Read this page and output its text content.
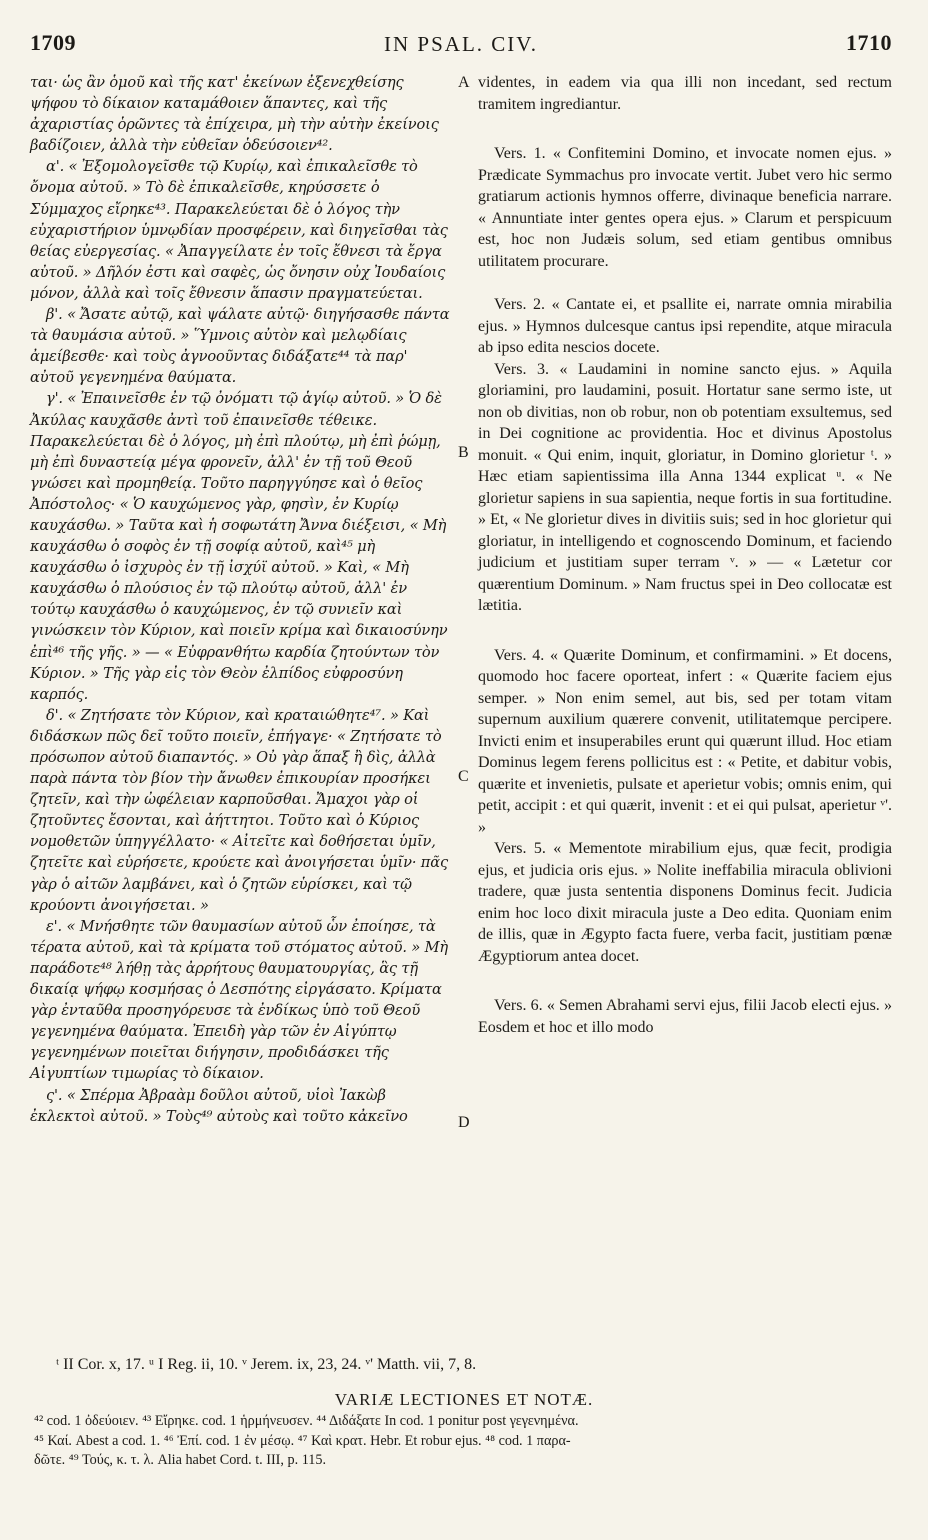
1709	IN PSAL. CIV.	1710

ται· ὡς ἂν ὁμοῦ καὶ τῆς κατ' ἐκείνων ἐξενεχθείσης ψήφου τὸ δίκαιον καταμάθοιεν ἅπαντες, καὶ τῆς ἀχαριστίας ὁρῶντες τὰ ἐπίχειρα, μὴ τὴν αὐτὴν ἐκείνοις βαδίζοιεν, ἀλλὰ τὴν εὐθεῖαν ὁδεύσοιεν⁴².

α'. « Ἐξομολογεῖσθε τῷ Κυρίῳ, καὶ ἐπικαλεῖσθε τὸ ὄνομα αὐτοῦ. » Τὸ δὲ ἐπικαλεῖσθε, κηρύσσετε ὁ Σύμμαχος εἴρηκε⁴³. Παρακελεύεται δὲ ὁ λόγος τὴν εὐχαριστήριον ὑμνῳδίαν προσφέρειν, καὶ διηγεῖσθαι τὰς θείας εὐεργεσίας. « Ἀπαγγείλατε ἐν τοῖς ἔθνεσι τὰ ἔργα αὐτοῦ. » Δῆλόν ἐστι καὶ σαφὲς, ὡς ὄνησιν οὐχ Ἰουδαίοις μόνον, ἀλλὰ καὶ τοῖς ἔθνεσιν ἅπασιν πραγματεύεται.

β'. « Ἄσατε αὐτῷ, καὶ ψάλατε αὐτῷ· διηγήσασθε πάντα τὰ θαυμάσια αὐτοῦ. » Ὕμνοις αὐτὸν καὶ μελῳδίαις ἀμείβεσθε· καὶ τοὺς ἀγνοοῦντας διδάξατε⁴⁴ τὰ παρ' αὐτοῦ γεγενημένα θαύματα.

γ'. « Ἐπαινεῖσθε ἐν τῷ ὀνόματι τῷ ἁγίῳ αὐτοῦ. » Ὁ δὲ Ἀκύλας καυχᾶσθε ἀντὶ τοῦ ἐπαινεῖσθε τέθεικε. Παρακελεύεται δὲ ὁ λόγος, μὴ ἐπὶ πλούτῳ, μὴ ἐπὶ ῥώμῃ, μὴ ἐπὶ δυναστείᾳ μέγα φρονεῖν, ἀλλ' ἐν τῇ τοῦ Θεοῦ γνώσει καὶ προμηθείᾳ. Τοῦτο παρηγγύησε καὶ ὁ θεῖος Ἀπόστολος· « Ὁ καυχώμενος γὰρ, φησὶν, ἐν Κυρίῳ καυχάσθω. » Ταῦτα καὶ ἡ σοφωτάτη Ἄννα διέξεισι, « Μὴ καυχάσθω ὁ σοφὸς ἐν τῇ σοφίᾳ αὐτοῦ, καὶ⁴⁵ μὴ καυχάσθω ὁ ἰσχυρὸς ἐν τῇ ἰσχύϊ αὐτοῦ. » Καὶ, « Μὴ καυχάσθω ὁ πλούσιος ἐν τῷ πλούτῳ αὐτοῦ, ἀλλ' ἐν τούτῳ καυχάσθω ὁ καυχώμενος, ἐν τῷ συνιεῖν καὶ γινώσκειν τὸν Κύριον, καὶ ποιεῖν κρίμα καὶ δικαιοσύνην ἐπὶ⁴⁶ τῆς γῆς. » — « Εὐφρανθήτω καρδία ζητούντων τὸν Κύριον. » Τῆς γὰρ εἰς τὸν Θεὸν ἐλπίδος εὐφροσύνη καρπός.

δ'. « Ζητήσατε τὸν Κύριον, καὶ κραταιώθητε⁴⁷. » Καὶ διδάσκων πῶς δεῖ τοῦτο ποιεῖν, ἐπήγαγε· « Ζητήσατε τὸ πρόσωπον αὐτοῦ διαπαντός. » Οὐ γὰρ ἅπαξ ἢ δὶς, ἀλλὰ παρὰ πάντα τὸν βίον τὴν ἄνωθεν ἐπικουρίαν προσήκει ζητεῖν, καὶ τὴν ὠφέλειαν καρποῦσθαι. Ἄμαχοι γὰρ οἱ ζητοῦντες ἔσονται, καὶ ἀήττητοι. Τοῦτο καὶ ὁ Κύριος νομοθετῶν ὑπηγγέλλατο· « Αἰτεῖτε καὶ δοθήσεται ὑμῖν, ζητεῖτε καὶ εὑρήσετε, κρούετε καὶ ἀνοιγήσεται ὑμῖν· πᾶς γὰρ ὁ αἰτῶν λαμβάνει, καὶ ὁ ζητῶν εὑρίσκει, καὶ τῷ κρούοντι ἀνοιγήσεται. »

ε'. « Μνήσθητε τῶν θαυμασίων αὐτοῦ ὧν ἐποίησε, τὰ τέρατα αὐτοῦ, καὶ τὰ κρίματα τοῦ στόματος αὐτοῦ. » Μὴ παράδοτε⁴⁸ λήθῃ τὰς ἀρρήτους θαυματουργίας, ἃς τῇ δικαίᾳ ψήφῳ κοσμήσας ὁ Δεσπότης εἰργάσατο. Κρίματα γὰρ ἐνταῦθα προσηγόρευσε τὰ ἐνδίκως ὑπὸ τοῦ Θεοῦ γεγενημένα θαύματα. Ἐπειδὴ γὰρ τῶν ἐν Αἰγύπτῳ γεγενημένων ποιεῖται διήγησιν, προδιδάσκει τῆς Αἰγυπτίων τιμωρίας τὸ δίκαιον.

ς'. « Σπέρμα Ἀβραὰμ δοῦλοι αὐτοῦ, υἱοὶ Ἰακὼβ ἐκλεκτοὶ αὐτοῦ. » Τοὺς⁴⁹ αὐτοὺς καὶ τοῦτο κἀκεῖνο

A
B
C
D

videntes, in eadem via qua illi non incedant, sed rectum tramitem ingrediantur.

Vers. 1. « Confitemini Domino, et invocate nomen ejus. » Prædicate Symmachus pro invocate vertit. Jubet vero hic sermo gratiarum actionis hymnos offerre, divinaque beneficia narrare. « Annuntiate inter gentes opera ejus. » Clarum et perspicuum est, hoc non Judæis solum, sed etiam gentibus omnibus utilitatem procurare.

Vers. 2. « Cantate ei, et psallite ei, narrate omnia mirabilia ejus. » Hymnos dulcesque cantus ipsi rependite, atque miracula ab ipso edita nescios docete.

Vers. 3. « Laudamini in nomine sancto ejus. » Aquila gloriamini, pro laudamini, posuit. Hortatur sane sermo iste, ut non ob divitias, non ob robur, non ob potentiam exsultemus, sed in Dei cognitione ac providentia. Hoc et divinus Apostolus monuit. « Qui enim, inquit, gloriatur, in Domino glorietur ᵗ. » Hæc etiam sapientissima illa Anna 1344 explicat ᵘ. « Ne glorietur sapiens in sua sapientia, neque fortis in sua fortitudine. » Et, « Ne glorietur dives in divitiis suis; sed in hoc glorietur qui gloriatur, in intelligendo et cognoscendo Dominum, et faciendo judicium et justitiam super terram ᵛ. » — « Lætetur cor quærentium Dominum. » Nam fructus spei in Deo collocatæ est lætitia.

Vers. 4. « Quærite Dominum, et confirmamini. » Et docens, quomodo hoc facere oporteat, infert : « Quærite faciem ejus semper. » Non enim semel, aut bis, sed per totam vitam supernum auxilium quærere convenit, utilitatemque percipere. Invicti enim et insuperabiles erunt qui quærunt illud. Hoc etiam Dominus legem ferens pollicitus est : « Petite, et dabitur vobis, quærite et invenietis, pulsate et aperietur vobis; omnis enim, qui petit, accipit : et qui quærit, invenit : et ei qui pulsat, aperietur ᵛ'. »

Vers. 5. « Mementote mirabilium ejus, quæ fecit, prodigia ejus, et judicia oris ejus. » Nolite ineffabilia miracula oblivioni tradere, quæ justa sententia disponens Dominus fecit. Judicia enim hoc loco dixit miracula juste a Deo edita. Quoniam enim de illis, quæ in Ægypto facta fuere, verba facit, justitiam pœnæ Ægyptiorum antea docet.

Vers. 6. « Semen Abrahami servi ejus, filii Jacob electi ejus. » Eosdem et hoc et illo modo

ᵗ II Cor. x, 17. ᵘ I Reg. ii, 10. ᵛ Jerem. ix, 23, 24. ᵛ' Matth. vii, 7, 8.
VARIÆ LECTIONES ET NOTÆ.

⁴² cod. 1 ὀδεύοιεν. ⁴³ Εἴρηκε. cod. 1 ἡρμήνευσεν. ⁴⁴ Διδάξατε In cod. 1 ponitur post γεγενημένα.

⁴⁵ Καί. Abest a cod. 1. ⁴⁶ Ἐπί. cod. 1 ἐν μέσῳ. ⁴⁷ Καὶ κρατ. Hebr. Et robur ejus. ⁴⁸ cod. 1 παρα-

δῶτε. ⁴⁹ Τούς, κ. τ. λ. Alia habet Cord. t. III, p. 115.
